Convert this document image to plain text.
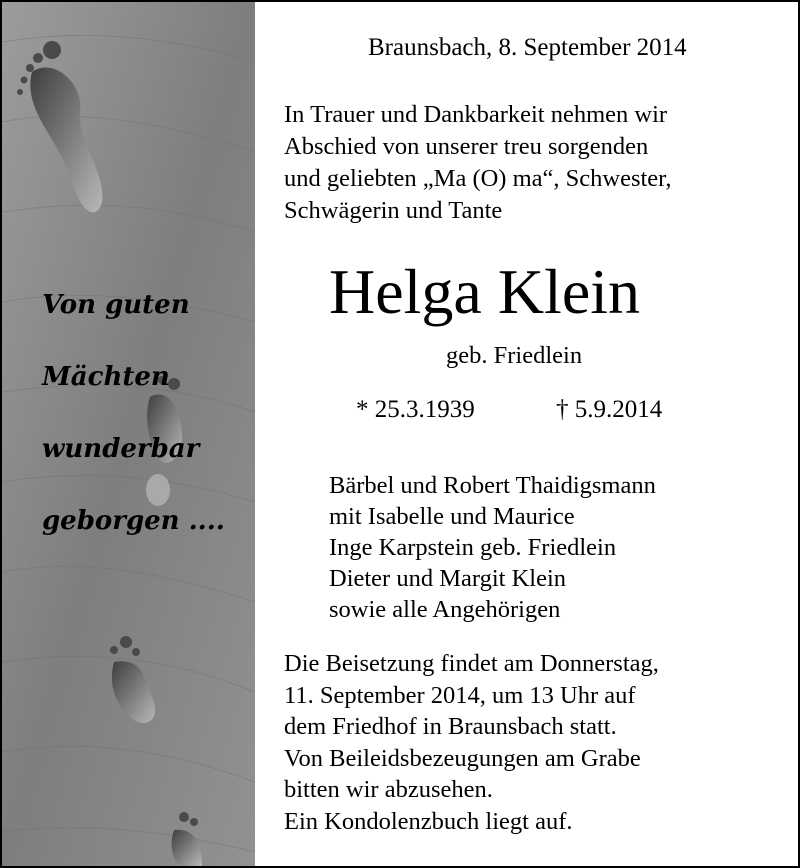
Von guten
Mächten
wunderbar
geborgen ....
Braunsbach, 8. September 2014
In Trauer und Dankbarkeit nehmen wir
Abschied von unserer treu sorgenden
und geliebten „Ma (O) ma“, Schwester,
Schwägerin und Tante
Helga Klein
geb. Friedlein
* 25.3.1939	† 5.9.2014
Bärbel und Robert Thaidigsmann
mit Isabelle und Maurice
Inge Karpstein geb. Friedlein
Dieter und Margit Klein
sowie alle Angehörigen
Die Beisetzung findet am Donnerstag,
11. September 2014, um 13 Uhr auf
dem Friedhof in Braunsbach statt.
Von Beileidsbezeugungen am Grabe
bitten wir abzusehen.
Ein Kondolenzbuch liegt auf.
